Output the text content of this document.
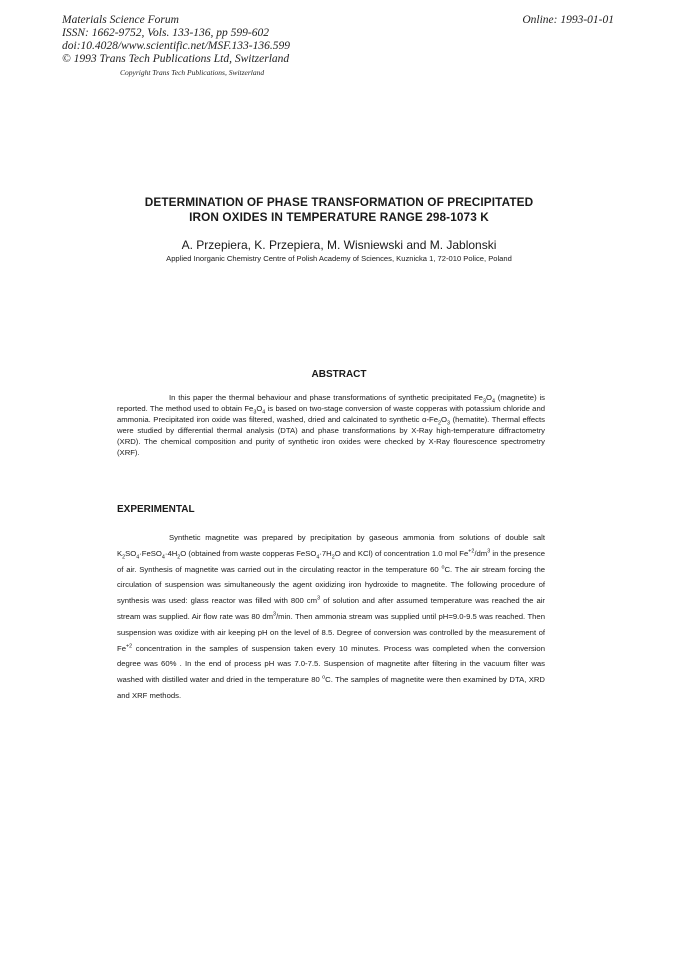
Materials Science Forum
ISSN: 1662-9752, Vols. 133-136, pp 599-602
doi:10.4028/www.scientific.net/MSF.133-136.599
© 1993 Trans Tech Publications Ltd, Switzerland
Online: 1993-01-01
Copyright Trans Tech Publications, Switzerland
DETERMINATION OF PHASE TRANSFORMATION OF PRECIPITATED
IRON OXIDES IN TEMPERATURE RANGE 298-1073 K
A. Przepiera, K. Przepiera, M. Wisniewski and M. Jablonski
Applied Inorganic Chemistry Centre of Polish Academy of Sciences, Kuznicka 1, 72-010 Police, Poland
ABSTRACT

In this paper the thermal behaviour and phase transformations of synthetic precipitated $Fe_3O_4$ (magnetite) is reported. The method used to obtain $Fe_3O_4$ is based on two-stage conversion of waste copperas with potassium chloride and ammonia. Precipitated iron oxide was filtered, washed, dried and calcinated to synthetic $\alpha-Fe_2O_3$ (hematite). Thermal effects were studied by differential thermal analysis (DTA) and phase transformations by X-Ray high-temperature diffractometry (XRD). The chemical composition and purity of synthetic iron oxides were checked by X-Ray flourescence spectrometry (XRF).

EXPERIMENTAL

Synthetic magnetite was prepared by precipitation by gaseous ammonia from solutions of double salt $K_2SO_4\cdot FeSO_4\cdot 4H_2O$ (obtained from waste copperas $FeSO_4\cdot 7H_2O$ and KCl) of concentration 1.0 mol $Fe^{+2}/dm^3$ in the presence of air. Synthesis of magnetite was carried out in the circulating reactor in the temperature 60 $^o$C. The air stream forcing the circulation of suspension was simultaneously the agent oxidizing iron hydroxide to magnetite. The following procedure of synthesis was used: glass reactor was filled with 800 $cm^3$ of solution and after assumed temperature was reached the air stream was supplied. Air flow rate was 80 $dm^3/\min$. Then ammonia stream was supplied until pH=9.0-9.5 was reached. Then suspension was oxidize with air keeping pH on the level of 8.5. Degree of conversion was controlled by the measurement of $Fe^{+2}$ concentration in the samples of suspension taken every 10 minutes. Process was completed when the conversion degree was 60% . In the end of process pH was 7.0-7.5. Suspension of magnetite after filtering in the vacuum filter was washed with distilled water and dried in the temperature 80 $^o$C. The samples of magnetite were then examined by DTA, XRD and XRF methods.
